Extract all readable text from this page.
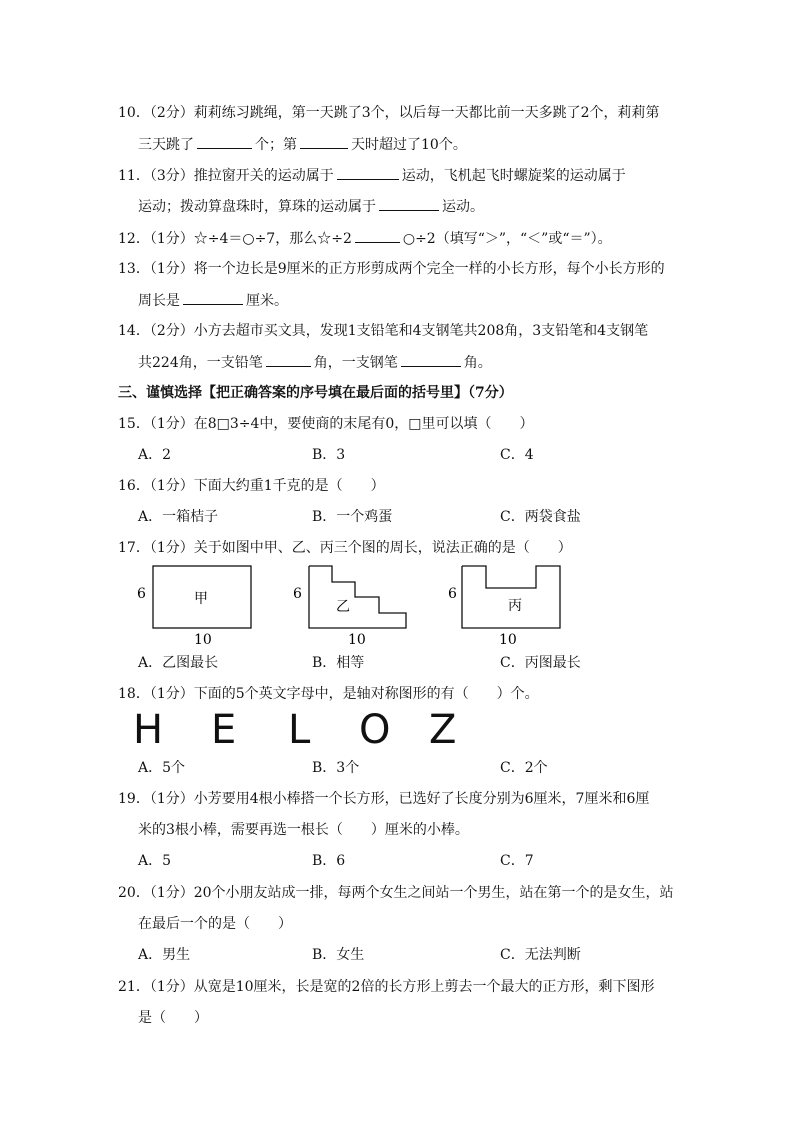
10．（2分）莉莉练习跳绳，第一天跳了3个，以后每一天都比前一天多跳了2个，莉莉第
三天跳了	个；第	天时超过了10个。
11．（3分）推拉窗开关的运动属于	运动，飞机起飞时螺旋桨的运动属于
运动；拨动算盘珠时，算珠的运动属于	运动。
12．（1分）☆÷4＝○÷7，那么☆÷2	○÷2（填写“＞”，“＜”或“＝”）。
13．（1分）将一个边长是9厘米的正方形剪成两个完全一样的小长方形，每个小长方形的
周长是	厘米。
14．（2分）小方去超市买文具，发现1支铅笔和4支钢笔共208角，3支铅笔和4支钢笔
共224角，一支铅笔	角，一支钢笔	角。
三、谨慎选择【把正确答案的序号填在最后面的括号里】（7分）
15．（1分）在8□3÷4中，要使商的末尾有0，□里可以填（　　）
A．2	B．3	C．4
16．（1分）下面大约重1千克的是（　　）
A．一箱桔子	B．一个鸡蛋	C．两袋食盐
17．（1分）关于如图中甲、乙、丙三个图的周长，说法正确的是（　　）
6	甲
10
6
乙
10
6
丙
10
A．乙图最长	B．相等	C．丙图最长
18．（1分）下面的5个英文字母中，是轴对称图形的有（　　）个。
H E L O Z
A．5个	B．3个	C．2个
19．（1分）小芳要用4根小棒搭一个长方形，已选好了长度分别为6厘米，7厘米和6厘
米的3根小棒，需要再选一根长（　　）厘米的小棒。
A．5	B．6	C．7
20．（1分）20个小朋友站成一排，每两个女生之间站一个男生，站在第一个的是女生，站
在最后一个的是（　　）
A．男生	B．女生	C．无法判断
21．（1分）从宽是10厘米，长是宽的2倍的长方形上剪去一个最大的正方形，剩下图形
是（　　）
